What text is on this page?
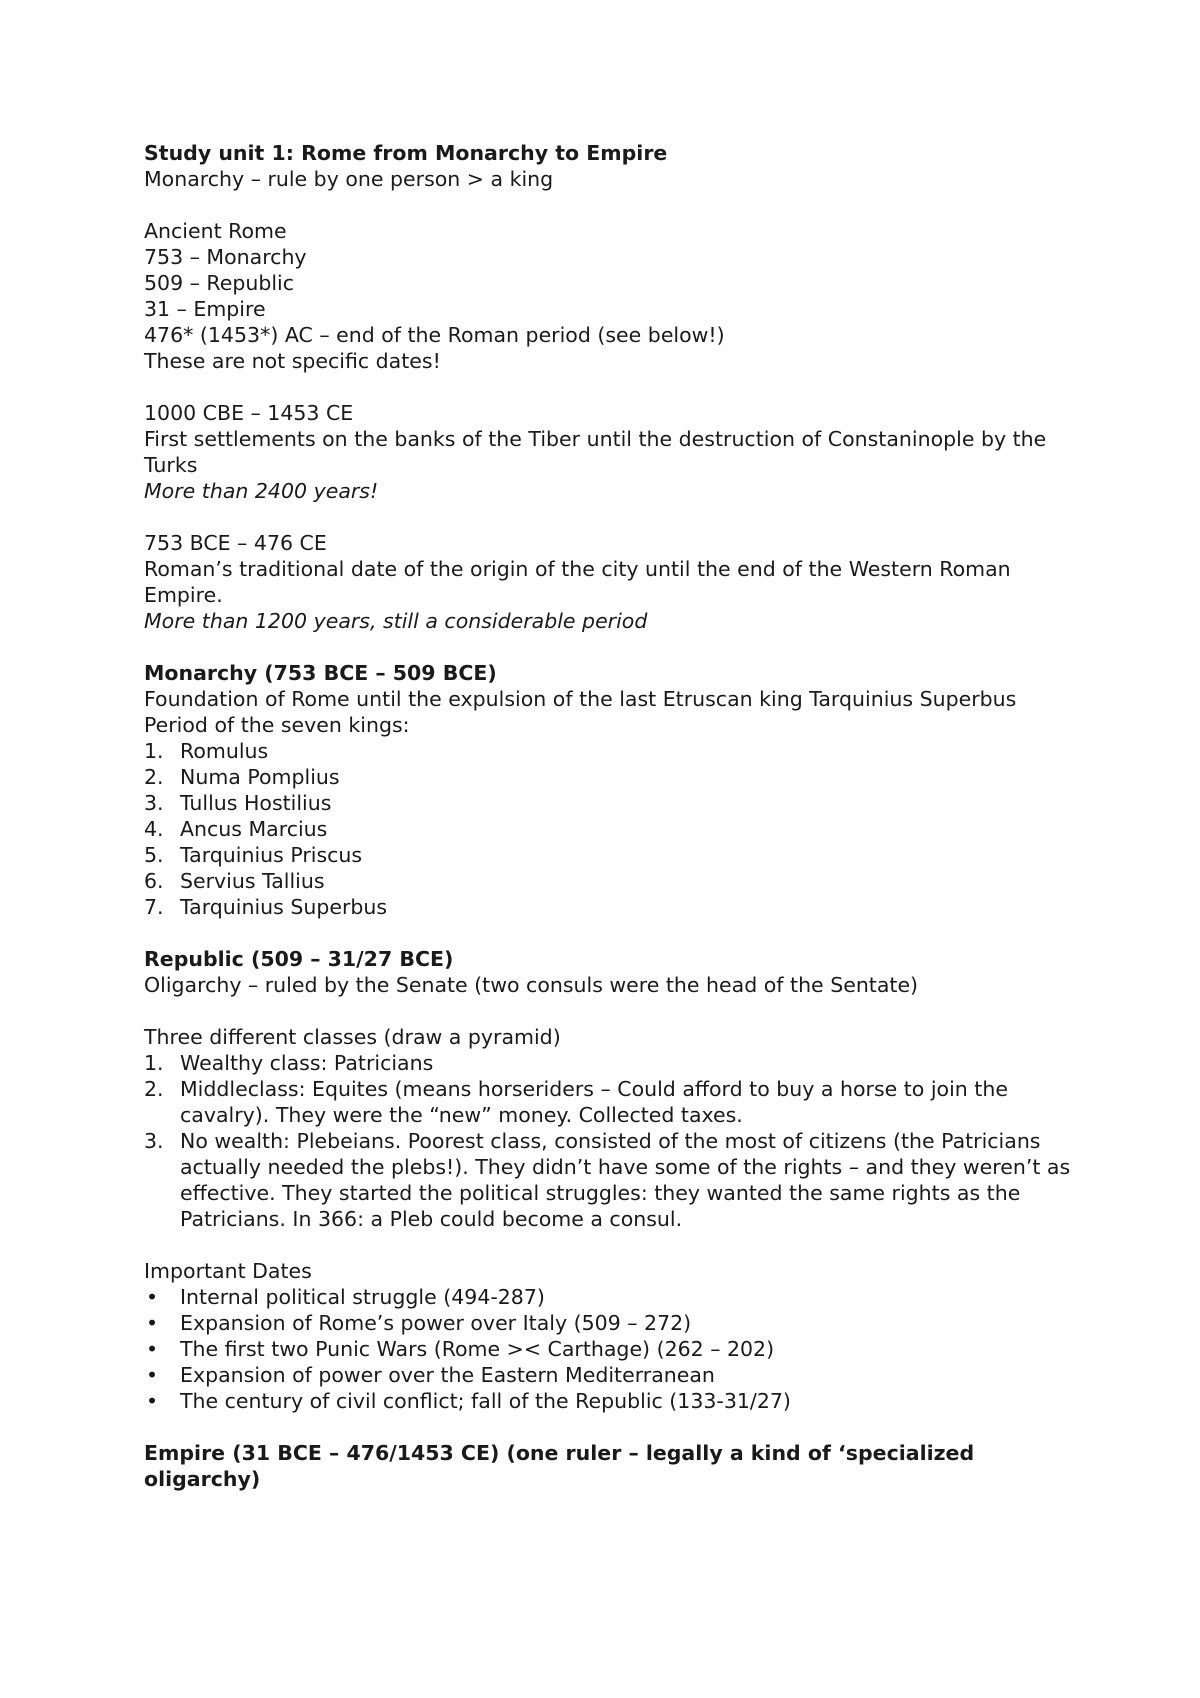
Study unit 1: Rome from Monarchy to Empire
Monarchy – rule by one person > a king
Ancient Rome
753 – Monarchy
509 – Republic
31 – Empire
476* (1453*) AC – end of the Roman period (see below!)
These are not specific dates!
1000 CBE – 1453 CE
First settlements on the banks of the Tiber until the destruction of Constaninople by the Turks
More than 2400 years!
753 BCE – 476 CE
Roman’s traditional date of the origin of the city until the end of the Western Roman Empire.
More than 1200 years, still a considerable period
Monarchy (753 BCE – 509 BCE)
Foundation of Rome until the expulsion of the last Etruscan king Tarquinius Superbus
Period of the seven kings:
1. Romulus
2. Numa Pomplius
3. Tullus Hostilius
4. Ancus Marcius
5. Tarquinius Priscus
6. Servius Tallius
7. Tarquinius Superbus
Republic (509 – 31/27 BCE)
Oligarchy – ruled by the Senate (two consuls were the head of the Sentate)
Three different classes (draw a pyramid)
1. Wealthy class: Patricians
2. Middleclass: Equites (means horseriders – Could afford to buy a horse to join the cavalry). They were the “new” money. Collected taxes.
3. No wealth: Plebeians. Poorest class, consisted of the most of citizens (the Patricians actually needed the plebs!). They didn’t have some of the rights – and they weren’t as effective. They started the political struggles: they wanted the same rights as the Patricians. In 366: a Pleb could become a consul.
Important Dates
• Internal political struggle (494-287)
• Expansion of Rome’s power over Italy (509 – 272)
• The first two Punic Wars (Rome >< Carthage) (262 – 202)
• Expansion of power over the Eastern Mediterranean
• The century of civil conflict; fall of the Republic (133-31/27)
Empire (31 BCE – 476/1453 CE) (one ruler – legally a kind of ‘specialized oligarchy)
